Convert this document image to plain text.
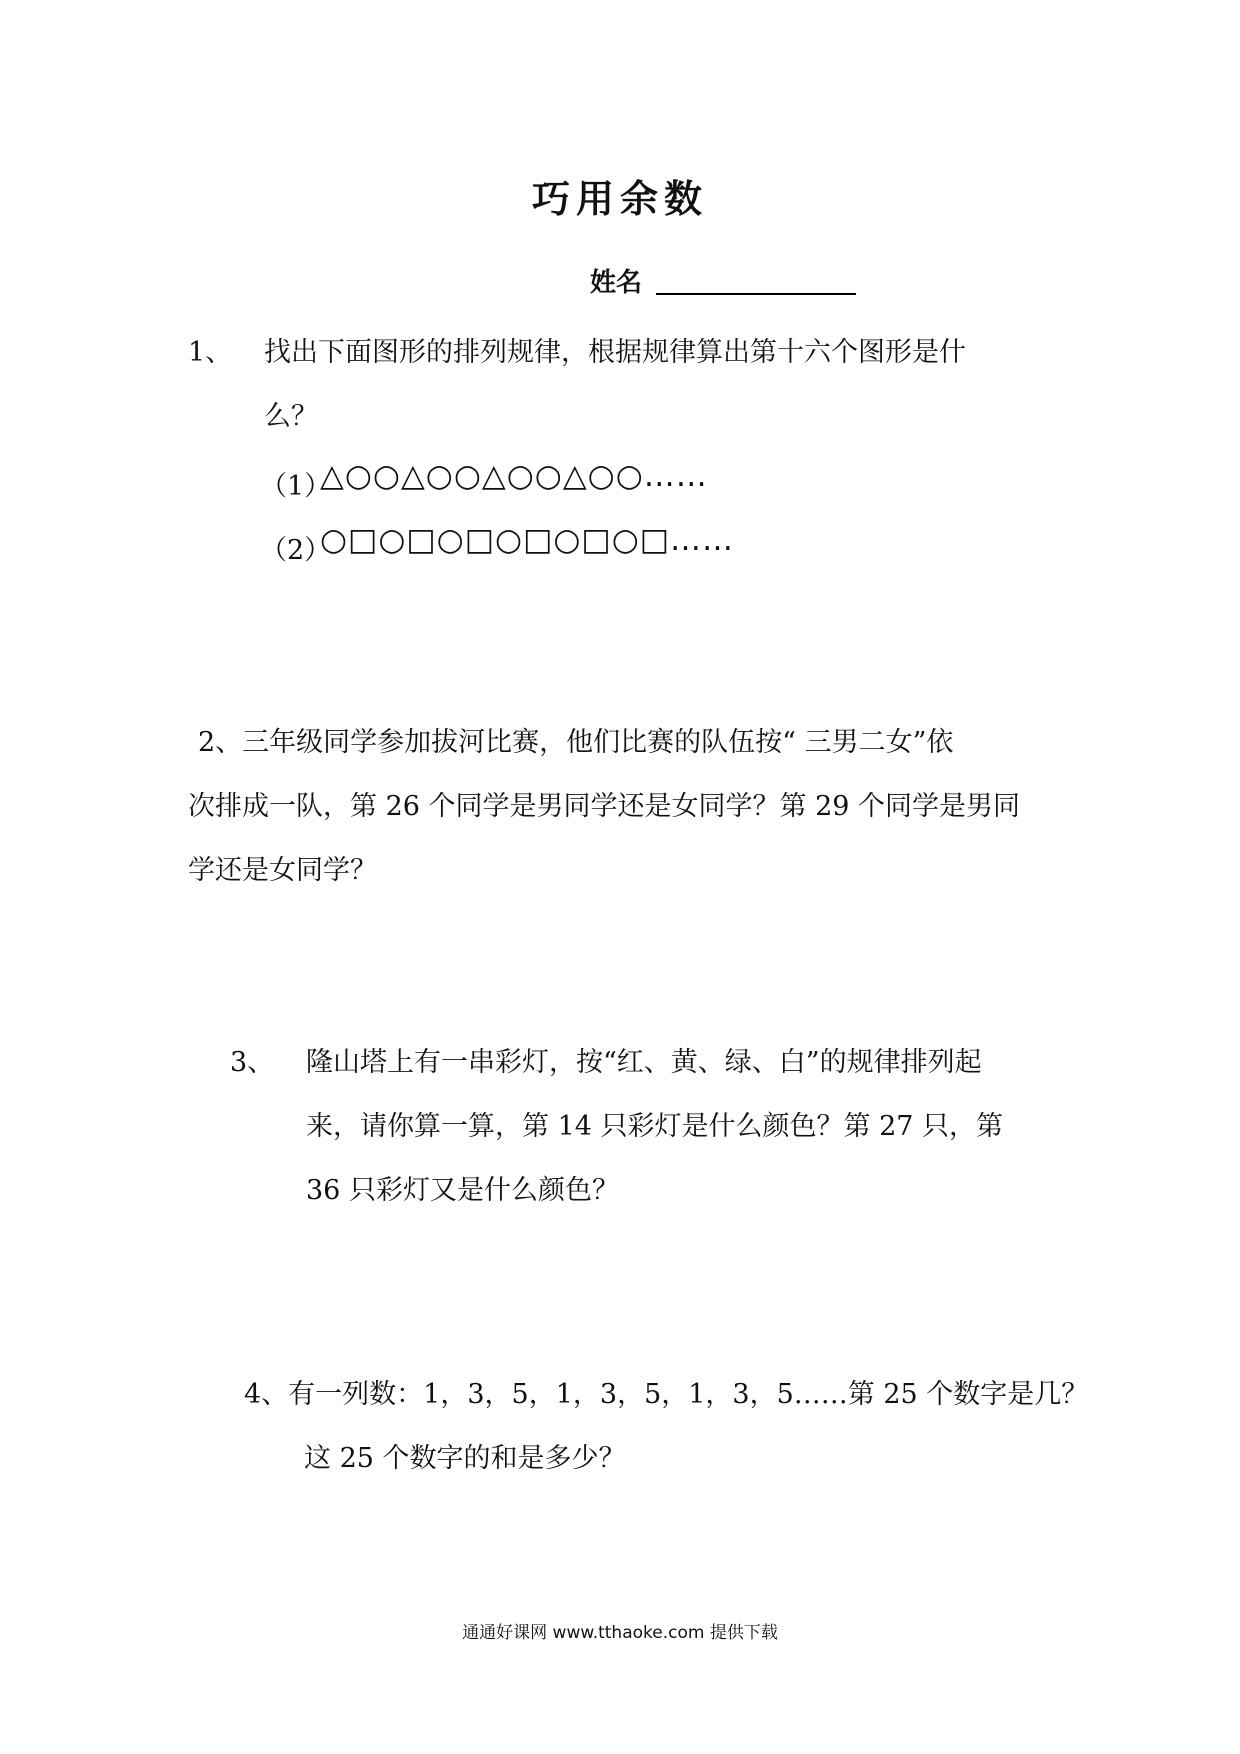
巧用余数
姓名
1、 找出下面图形的排列规律，根据规律算出第十六个图形是什
么？
（1）
△○○△○○△○○△○○……
（2）
○□○□○□○□○□○□……
2、三年级同学参加拔河比赛，他们比赛的队伍按“ 三男二女”依
次排成一队，第 26 个同学是男同学还是女同学？第 29 个同学是男同
学还是女同学？
3、 隆山塔上有一串彩灯，按“红、黄、绿、白”的规律排列起
来，请你算一算，第 14 只彩灯是什么颜色？第 27 只，第
36 只彩灯又是什么颜色？
4、有一列数：1，3，5，1，3，5，1，3，5……第 25 个数字是几？
这 25 个数字的和是多少？
通通好课网 www.tthaoke.com 提供下载
